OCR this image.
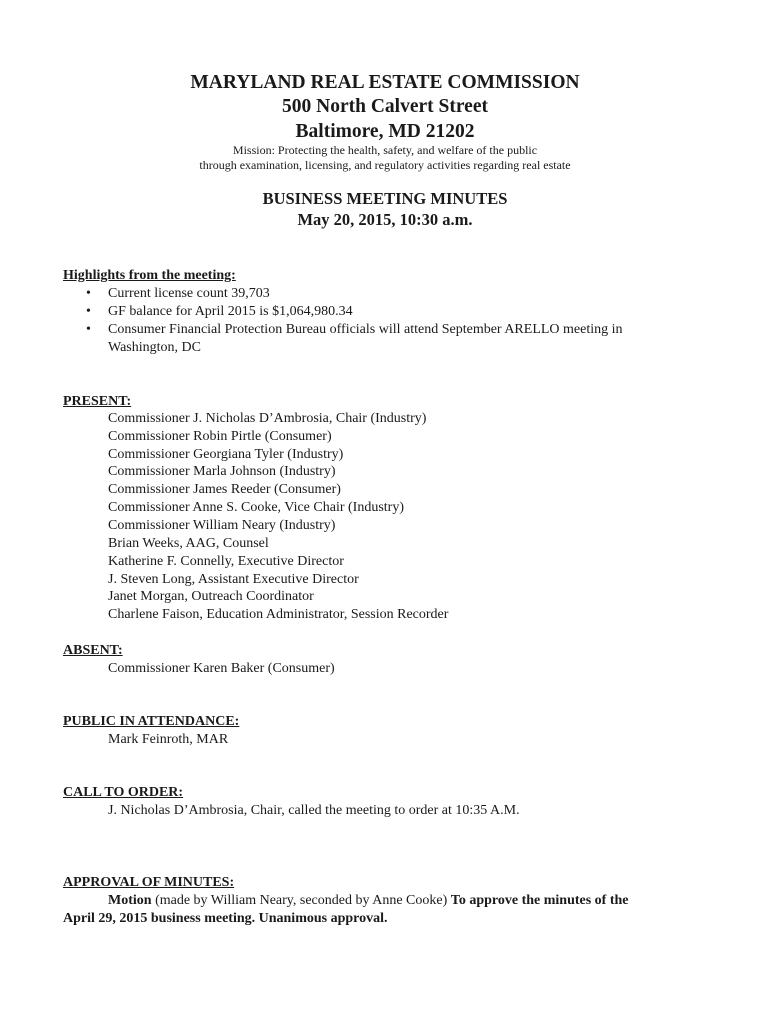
MARYLAND REAL ESTATE COMMISSION
500 North Calvert Street
Baltimore, MD 21202
Mission: Protecting the health, safety, and welfare of the public
through examination, licensing, and regulatory activities regarding real estate
BUSINESS MEETING MINUTES
May 20, 2015, 10:30 a.m.
Highlights from the meeting:
• Current license count 39,703
• GF balance for April 2015 is $1,064,980.34
• Consumer Financial Protection Bureau officials will attend September ARELLO meeting in
Washington, DC
PRESENT:
Commissioner J. Nicholas D’Ambrosia, Chair (Industry)
Commissioner Robin Pirtle (Consumer)
Commissioner Georgiana Tyler (Industry)
Commissioner Marla Johnson (Industry)
Commissioner James Reeder (Consumer)
Commissioner Anne S. Cooke, Vice Chair (Industry)
Commissioner William Neary (Industry)
Brian Weeks, AAG, Counsel
Katherine F. Connelly, Executive Director
J. Steven Long, Assistant Executive Director
Janet Morgan, Outreach Coordinator
Charlene Faison, Education Administrator, Session Recorder
ABSENT:
Commissioner Karen Baker (Consumer)
PUBLIC IN ATTENDANCE:
Mark Feinroth, MAR
CALL TO ORDER:
J. Nicholas D’Ambrosia, Chair, called the meeting to order at 10:35 A.M.
APPROVAL OF MINUTES:
Motion (made by William Neary, seconded by Anne Cooke) To approve the minutes of the
April 29, 2015 business meeting. Unanimous approval.
